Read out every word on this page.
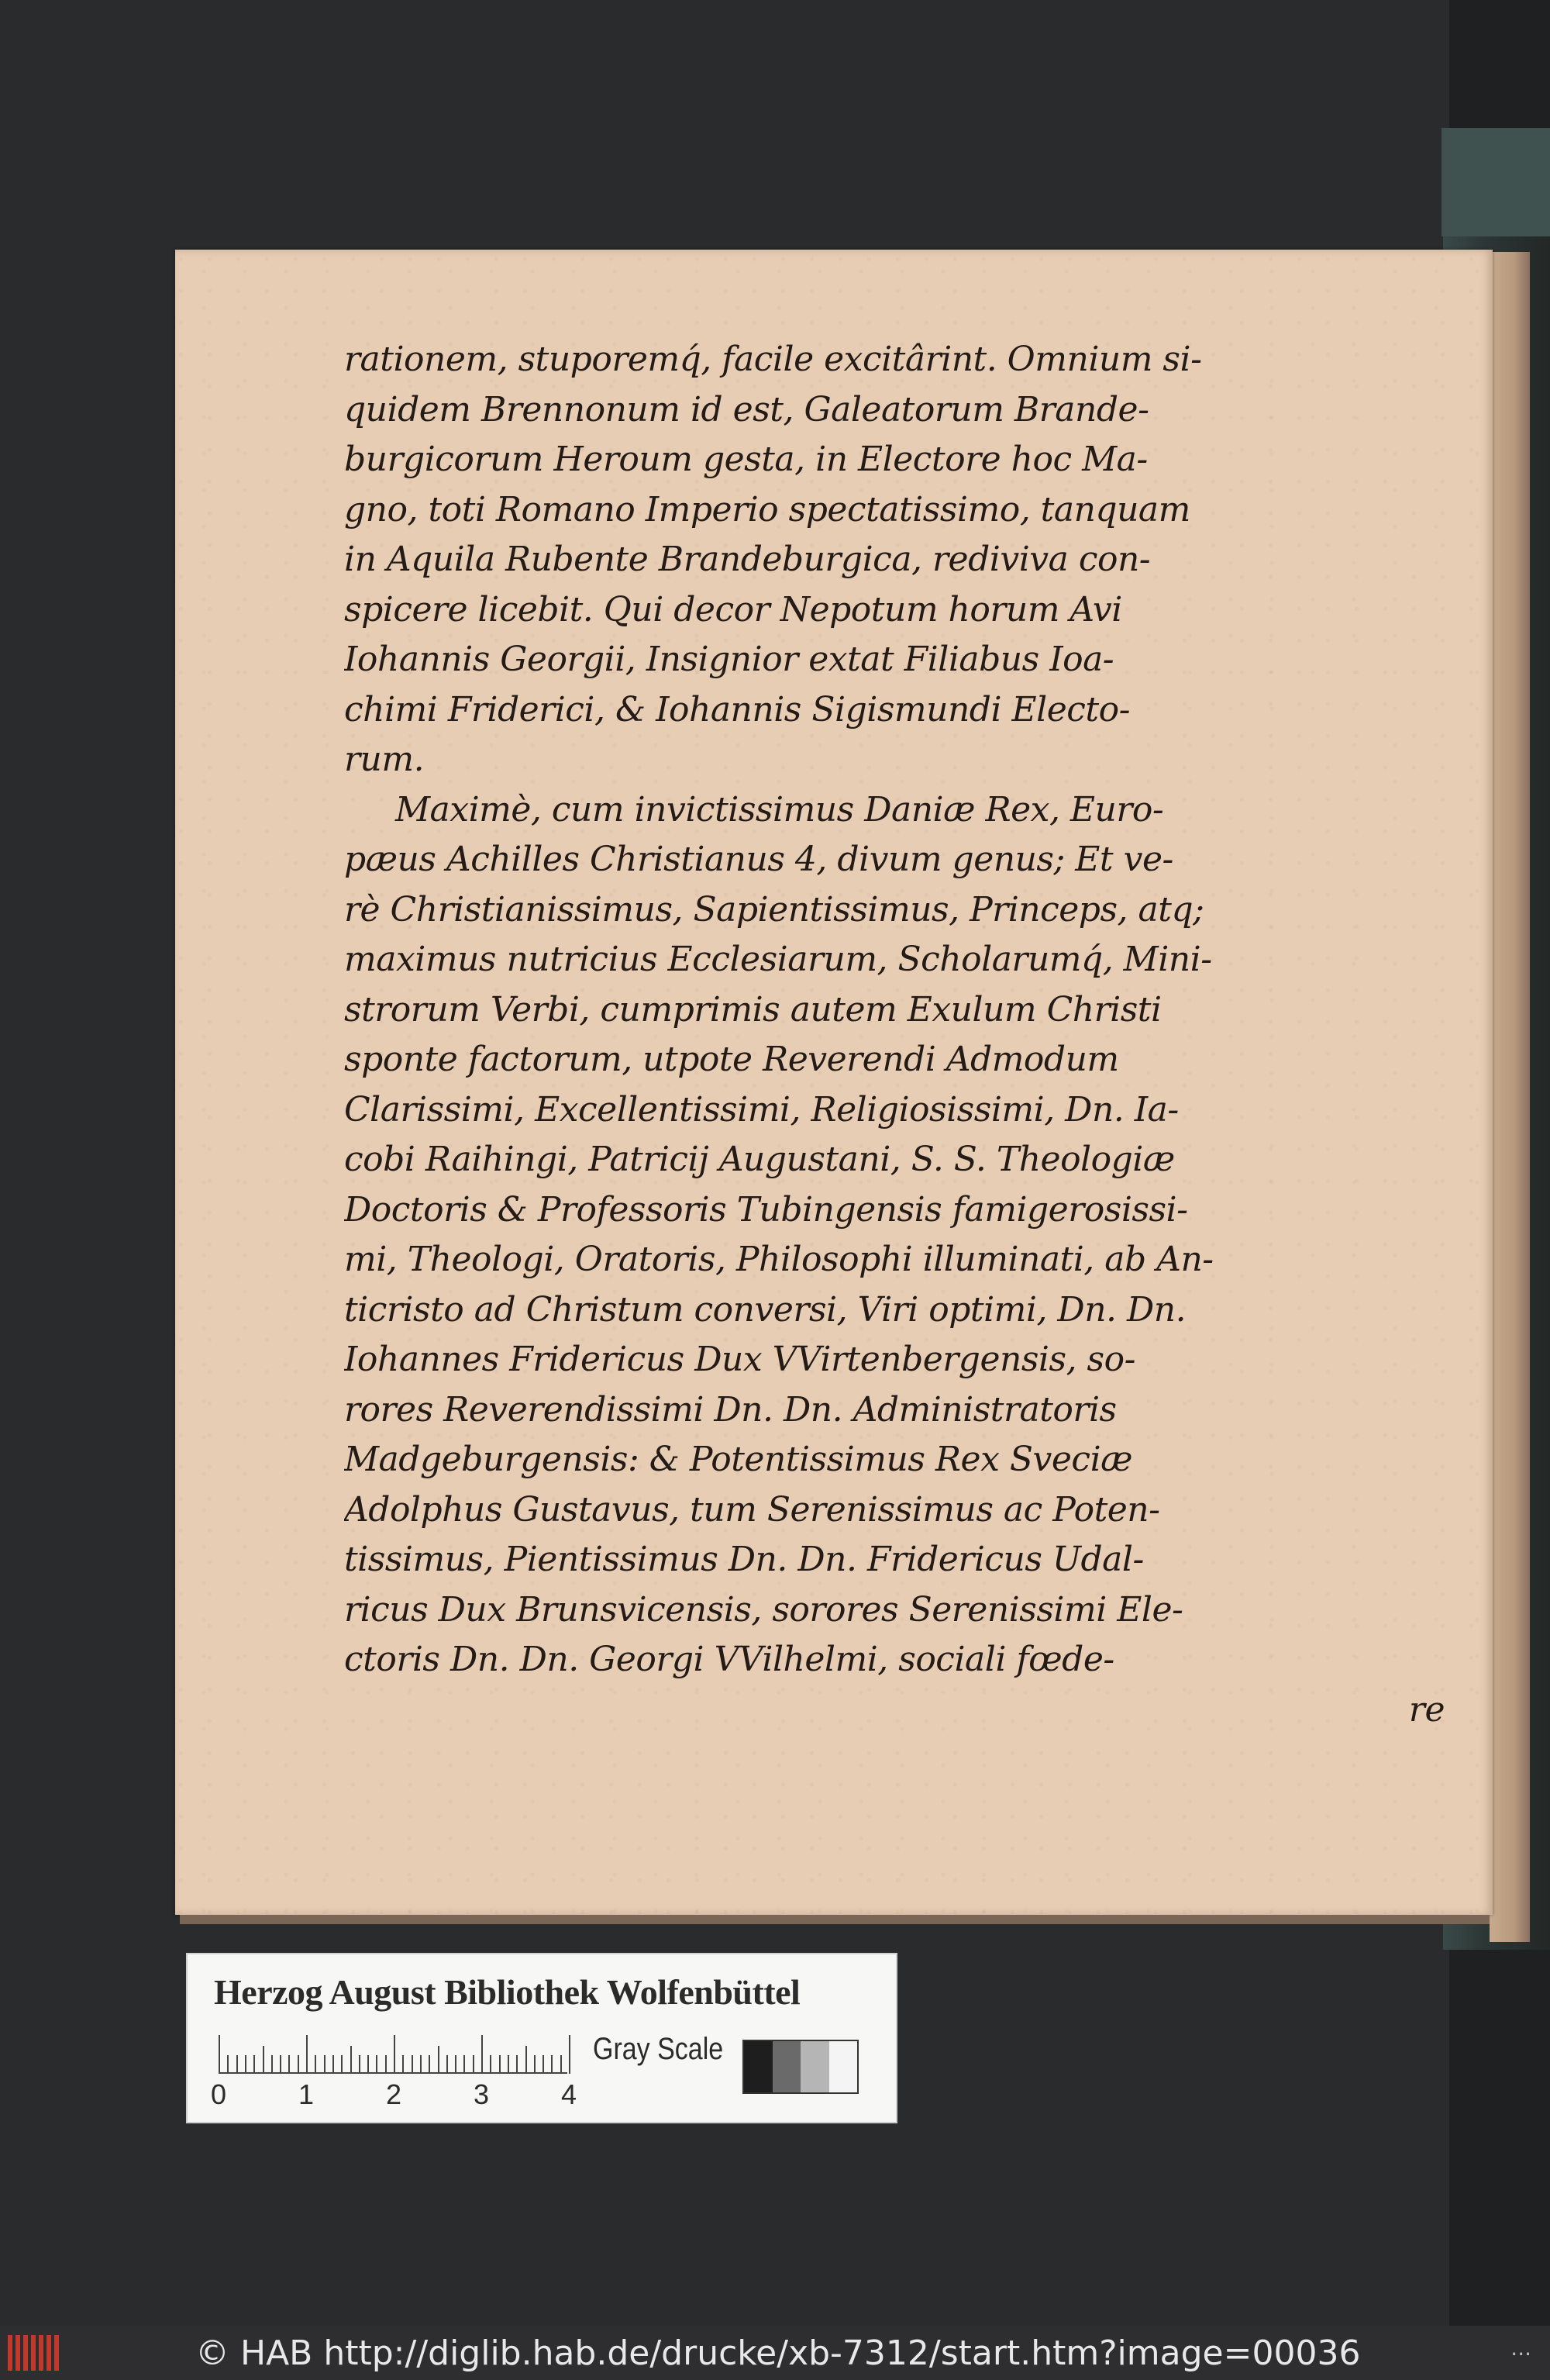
rationem, stuporemq́, facile excitârint. Omnium si-
quidem Brennonum id est, Galeatorum Brande-
burgicorum Heroum gesta, in Electore hoc Ma-
gno, toti Romano Imperio spectatissimo, tanquam
in Aquila Rubente Brandeburgica, rediviva con-
spicere licebit. Qui decor Nepotum horum Avi
Iohannis Georgii, Insignior extat Filiabus Ioa-
chimi Friderici, & Iohannis Sigismundi Electo-
rum.
Maximè, cum invictissimus Daniæ Rex, Euro-
pæus Achilles Christianus 4, divum genus; Et ve-
rè Christianissimus, Sapientissimus, Princeps, atq;
maximus nutricius Ecclesiarum, Scholarumq́, Mini-
strorum Verbi, cumprimis autem Exulum Christi
sponte factorum, utpote Reverendi Admodum
Clarissimi, Excellentissimi, Religiosissimi, Dn. Ia-
cobi Raihingi, Patricij Augustani, S. S. Theologiæ
Doctoris & Professoris Tubingensis famigerosissi-
mi, Theologi, Oratoris, Philosophi illuminati, ab An-
ticristo ad Christum conversi, Viri optimi, Dn. Dn.
Iohannes Fridericus Dux VVirtenbergensis, so-
rores Reverendissimi Dn. Dn. Administratoris
Madgeburgensis: & Potentissimus Rex Sveciæ
Adolphus Gustavus, tum Serenissimus ac Poten-
tissimus, Pientissimus Dn. Dn. Fridericus Udal-
ricus Dux Brunsvicensis, sorores Serenissimi Ele-
ctoris Dn. Dn. Georgi VVilhelmi, sociali fœde-
re
Herzog August Bibliothek Wolfenbüttel
0	1	2	3	4
Gray Scale
© HAB http://diglib.hab.de/drucke/xb-7312/start.htm?image=00036	...
